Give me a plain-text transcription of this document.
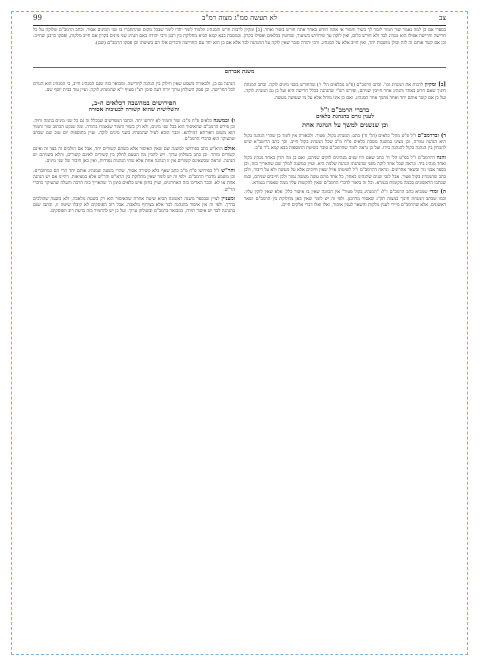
צב
לא תעשה סמ"ג מצוה רמ"ב
99

בספרי אם כן למה נאמר שור חמור לומר לך בשור וחמור אי אתה חורש באחר אתה חורש בשור ואחר. [ב] ומקיון לרבות חרש והמנהיג תלמוד לומר יחדו לומר שבכל מקום שהתחברו בו שני המינים אסור. וכתב הרמב"ם שלוקה על כל חרישה וחרישה אפילו הוא מנהיג לבד ולא חורש כלום, ואין לוקה עד שיחרוש כשיעור, שוחטין בכלאים ואפילו בקרון. ובמסכת בבא קמא הביא מחלוקת בין רבנן ורבי יהודה באם הנהיג שני מינים בקרון אם חייב מלקות, ופסקו כרבנן שחייב. וכן אם קשר אותם זה לזה וכולן מושכות יחד, ואין חייב אלא על המנהיג. ורבי יהודה סובר שאין לוקה על ההנהגה לבד אלא אם כן הוא יחד עם החרישה ודברים אלו הם בשיטתו וכן פסקו הרמב"ם (שם).

משנת אברהם

[ב] ומקיון לרבות את המנהיג וכו'. וכתב הרמב"ם (פ"ט מכלאים הל' ז') שהחורש בשני מינים לוקה. וכתב המנחת חינוך שאם חרש באחד והנהיג אחר חייבין שניהם, ופירש רש"י שהנהגה בכלל חרישה היא ועל כן גם המנהיג לוקה. ועל כן אם קשר אותם יחד ואחד מושך אחר המנהיג, ואם כן אינו מוחל אלא על מי שעושה מעשה.

בדברי הרמב"ם ז"ל
לענין גורם בהנהגת כלאים
וכן שנשנים למשך על הנהגה אחת

ד) ובדרמב"ם ז"ל פ"ט מהל' כלאים (הל' ח') כתב: המנהיג בקול, פטור. ולכאורה אין לומר כן שהרי הנהגה בקול היא הנהגה גמורה, וכן מצינו במשנה מסכת כלאים פ"ח מ"ב שכל המנהיג בקול חייב. וכך כתב הריטב"א שיש להבחין בין הנהגה בקול להנהגה בידו. ועל כן נראה לומר שהרמב"ם סובר כשיטת התוספות בבא קמא נ"ד ע"ב.

והנה דהרמב"ם ז"ל בפ"ט הל' ח' כתב שאם היו שנים מנהיגים לוקים שניהם, ואם כן מה הדין באחד מנהיג בקול ואחד מנהיג ביד. ונראה שכל אחד לוקה מפני שהנהגתו הנהגה שלמה היא. ועיין במשנה למלך שם שהאריך בזה, וכן בספר אבני נזר ובשאר אחרונים. ונראה דהרמב"ם ז"ל לשיטתו אזיל שאין חייבים אלא על מעשה ולא על דיבור, ולכן כתב שהמנהיג בקול פטור. אבל לגבי שנים שהנהיגו כאחד, כל אחד מהם עשה מעשה גמור ולכן חייבים שניהם, וכמו שכתבו הראשונים בכמה מקומות בגמרא. וכל זה ביאור לדברי הרמב"ם שאין להקשות עליו ממה שאמרו בגמרא.

ה) ומדי שמביא כתב הרמב"ם ז"ל: "המנהיג בקול פטור" אין הכוונה שאין בו איסור כלל, אלא שאין לוקין עליו. וכמו שכתב המנחת חינוך במצוה תק"נ שאסור מדרבנן. ולפי זה יש לומר שאין כאן מחלוקת בין הרמב"ם ושאר ראשונים, אלא שהרמב"ם מיירי לענין מלקות והשאר לענין איסור, ואלו ואלו דברי אלקים חיים.

הנהגה גם כן, ולכאורה משמע שאין חילוק בין הנהגה לחרישה. ומבואר בזה שגם המנהיג חייב, כי המנהיג הוא הגורם לכל החרישה. וכן פסק השולחן ערוך יורה דעה סימן רצ"ז סעיף י"א שהמנהיג לוקה. ועיין עוד בבית יוסף שם.

הפירושים במהשבה דכלאים ה-ב,
והשלישית שהוא קשורה לבעיבות אסורה

ו) ובמשנה כלאים פ"ח מ"ב: שור וחמור לא יחרשו יחד. וכתבו המפרשים שבכלל זה גם כל שני מינים בהמה וחיה. וכן פירש הרמב"ם שהאיסור הוא בכל שני מינים, ולא רק בשור וחמור שנאמרו בתורה. ומה שנקט הכתוב שור וחמור הוא משום דאורחא דמילתא. וכבר הובא לעיל שהמנהיג בשני מינים לוקה. ועיין בתוספות יום טוב שם שכתב שהעיקר הוא כדברי הרמב"ם.

אולם הרא"ש כתב בפירושו למשנה שם שאין האיסור אלא כשהם קשורים יחד, אבל אם הולכים זה בצד זה ואינם קשורים מותר. וכן כתב בשולחן ערוך. ויש להבין מה הטעם לחלק בין קשורים לאינם קשורים, והלא בשניהם יש הנהגה. ונראה שכשאינם קשורים אין זו הנהגה אחת אלא שתי הנהגות נפרדות, ואין כאן חיבור של שני מינים.

והר"ש ז"ל בפירושו פ"ח מ"ב כתב שאף בלא קשירה אסור, שהרי בשעה שמנהיג אותם יחד הרי הם כמחוברים. וכן משמע מדברי הרמב"ם. ולפי זה יש לומר שאין מחלוקת בין הרא"ש והר"ש אלא במציאות, דהיינו אם יש הנהגה אחת או לא. וכבר האריכו בזה האחרונים, ועיין בחזון איש כלאים סימן ה' שהאריך בזה הרבה והעלה שהעיקר כדברי הר"ש.

ומעניין לציין שבספר משנה ראשונה הביא שיטה אחרת שהאיסור הוא רק בשעת מלאכה, ולא בשעה שהולכים בדרך. ולפי זה אין איסור בהנהגה לבד אלא בצירוף מלאכה. אבל רוב הפוסקים לא קיבלו שיטה זו, וכתבו שגם בהנהגה לבד יש איסור תורה, כמבואר ברמב"ם ובשולחן ערוך. ועל כן יש להחמיר בזה כדעת רוב הפוסקים.
